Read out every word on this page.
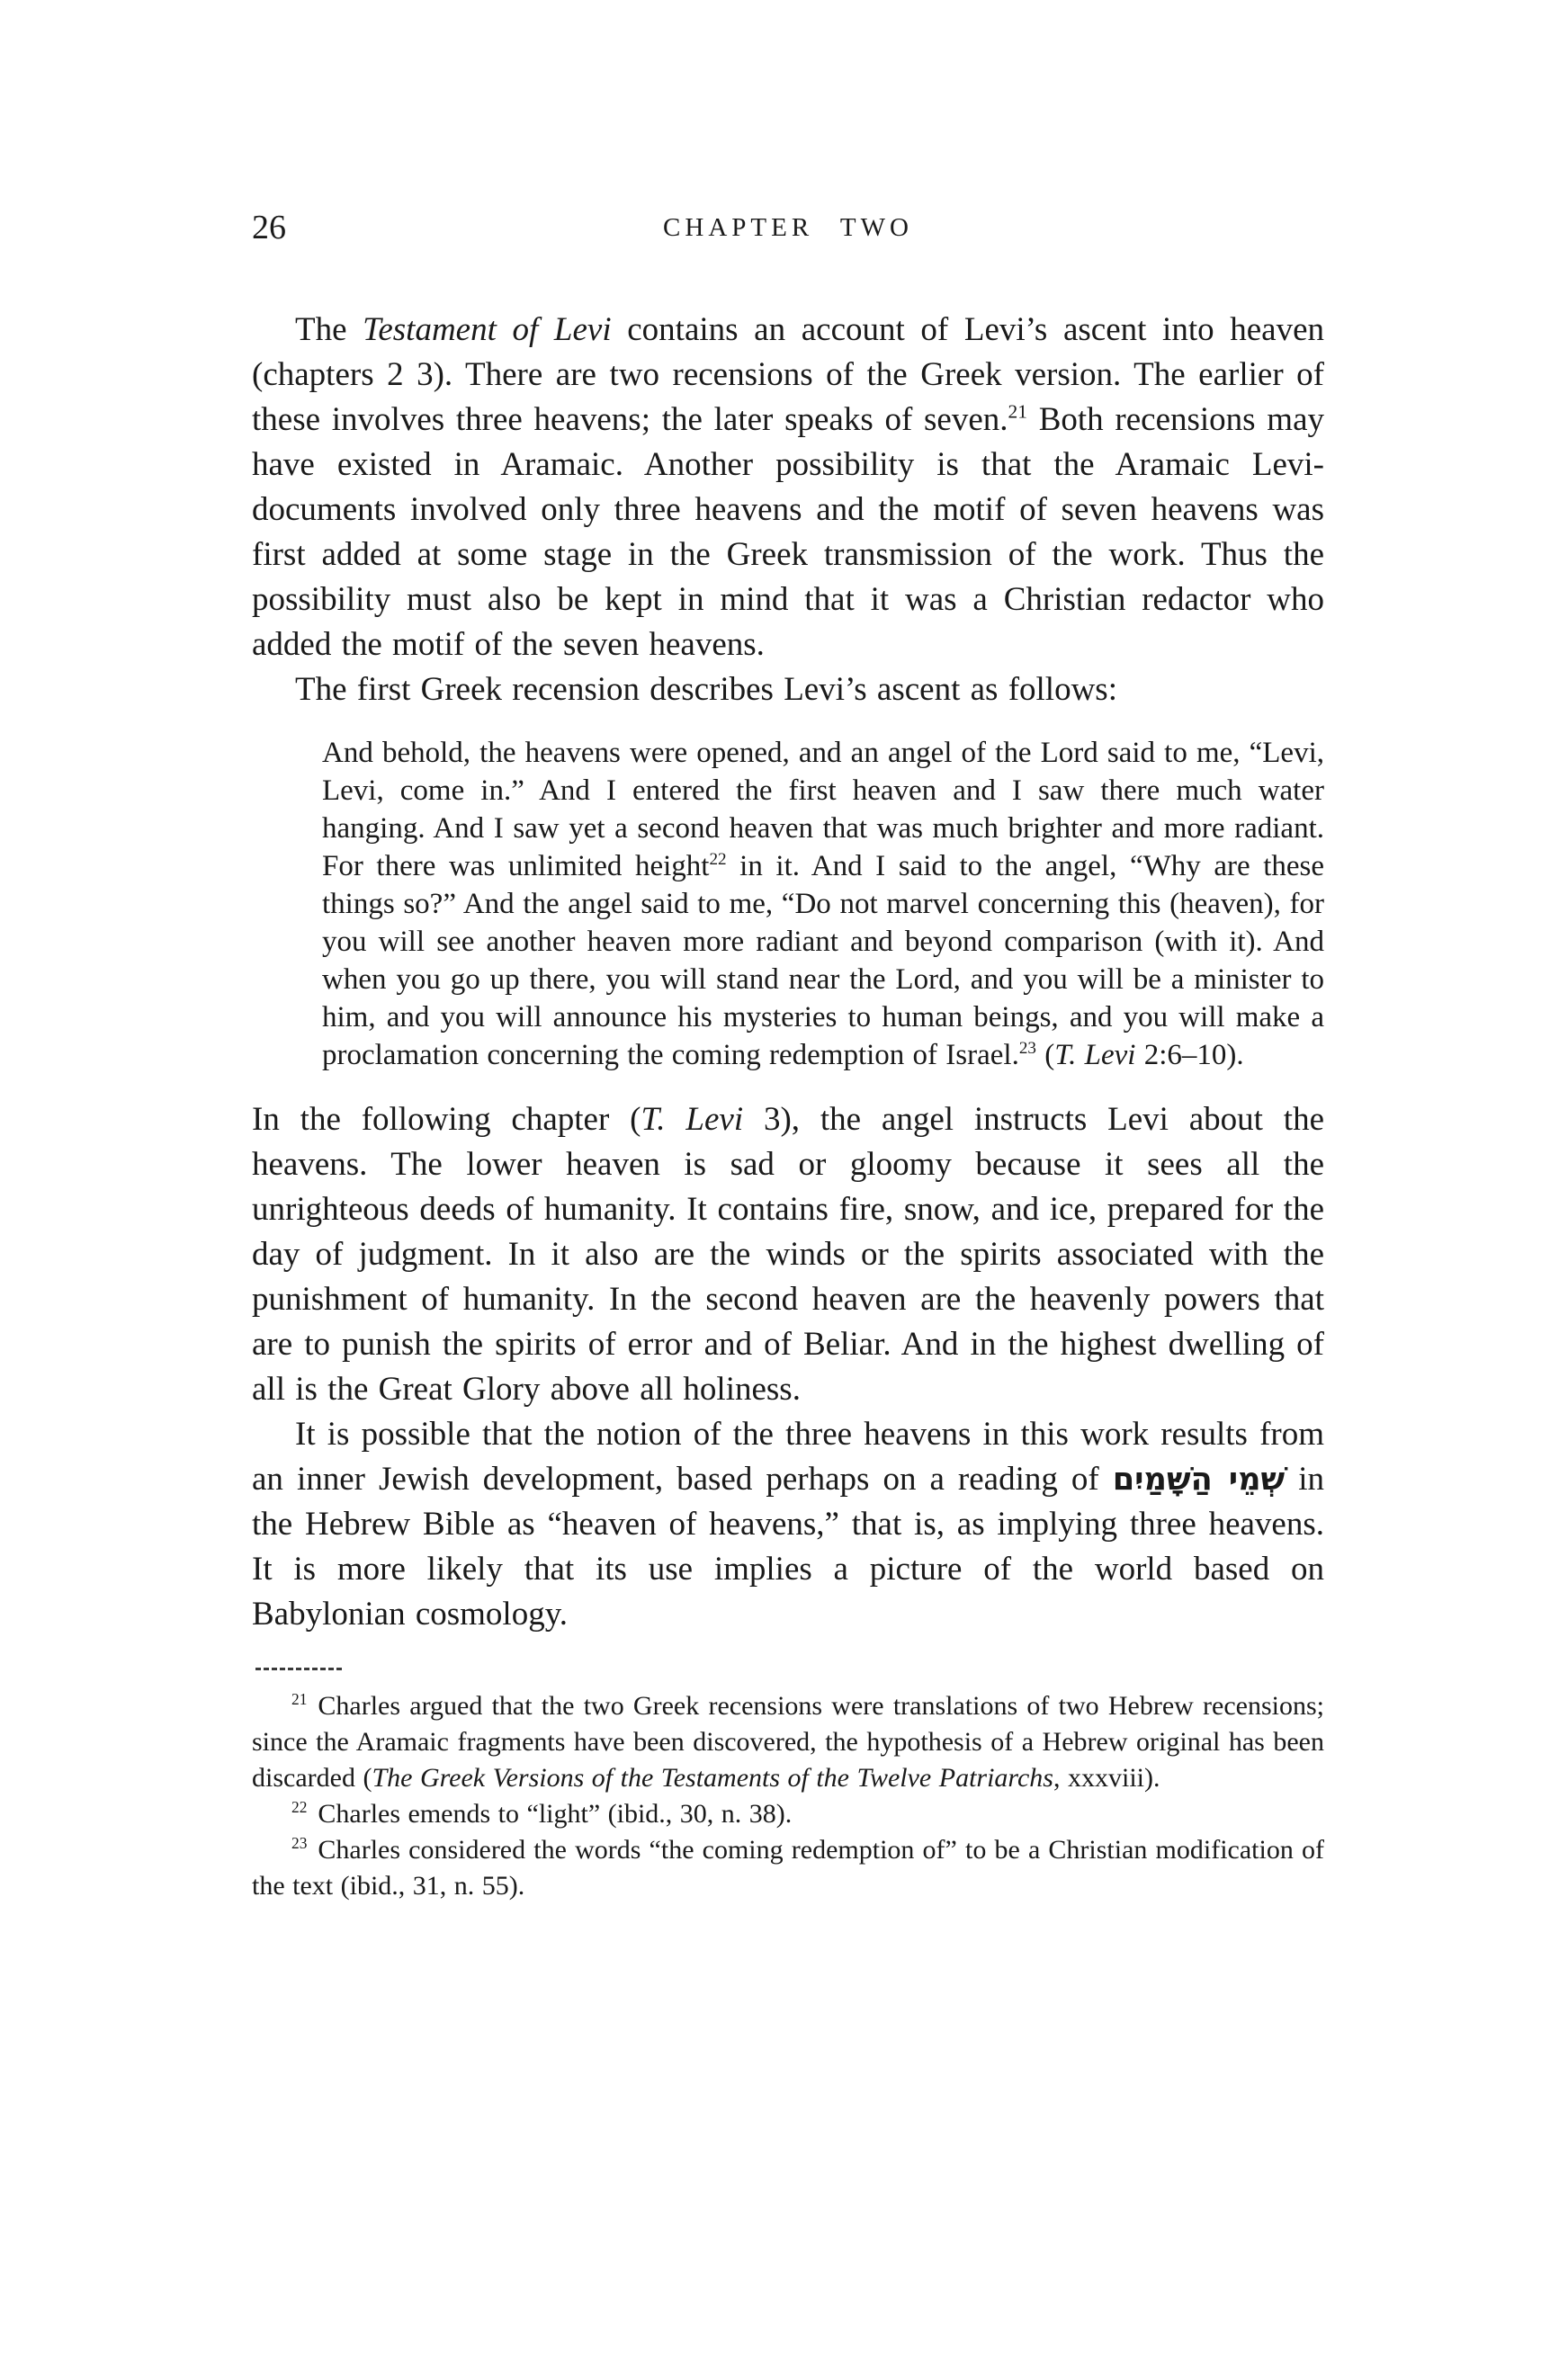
26	CHAPTER TWO

The Testament of Levi contains an account of Levi’s ascent into heaven (chapters 2 3). There are two recensions of the Greek version. The earlier of these involves three heavens; the later speaks of seven.$^{21}$ Both recensions may have existed in Aramaic. Another possibility is that the Aramaic Levi-documents involved only three heavens and the motif of seven heavens was first added at some stage in the Greek transmission of the work. Thus the possibility must also be kept in mind that it was a Christian redactor who added the motif of the seven heavens.

The first Greek recension describes Levi’s ascent as follows:

And behold, the heavens were opened, and an angel of the Lord said to me, “Levi, Levi, come in.” And I entered the first heaven and I saw there much water hanging. And I saw yet a second heaven that was much brighter and more radiant. For there was unlimited height$^{22}$ in it. And I said to the angel, “Why are these things so?” And the angel said to me, “Do not marvel concerning this (heaven), for you will see another heaven more radiant and beyond comparison (with it). And when you go up there, you will stand near the Lord, and you will be a minister to him, and you will announce his mysteries to human beings, and you will make a proclamation concerning the coming redemption of Israel.$^{23}$ (T. Levi 2:6–10).

In the following chapter (T. Levi 3), the angel instructs Levi about the heavens. The lower heaven is sad or gloomy because it sees all the unrighteous deeds of humanity. It contains fire, snow, and ice, prepared for the day of judgment. In it also are the winds or the spirits associated with the punishment of humanity. In the second heaven are the heavenly powers that are to punish the spirits of error and of Beliar. And in the highest dwelling of all is the Great Glory above all holiness.

It is possible that the notion of the three heavens in this work results from an inner Jewish development, based perhaps on a reading of שְׁמֵי הַשָּׁמַיִם in the Hebrew Bible as “heaven of heavens,” that is, as implying three heavens. It is more likely that its use implies a picture of the world based on Babylonian cosmology.

$^{21}$ Charles argued that the two Greek recensions were translations of two Hebrew recensions; since the Aramaic fragments have been discovered, the hypothesis of a Hebrew original has been discarded (The Greek Versions of the Testaments of the Twelve Patriarchs, xxxviii).

$^{22}$ Charles emends to “light” (ibid., 30, n. 38).

$^{23}$ Charles considered the words “the coming redemption of” to be a Christian modification of the text (ibid., 31, n. 55).
